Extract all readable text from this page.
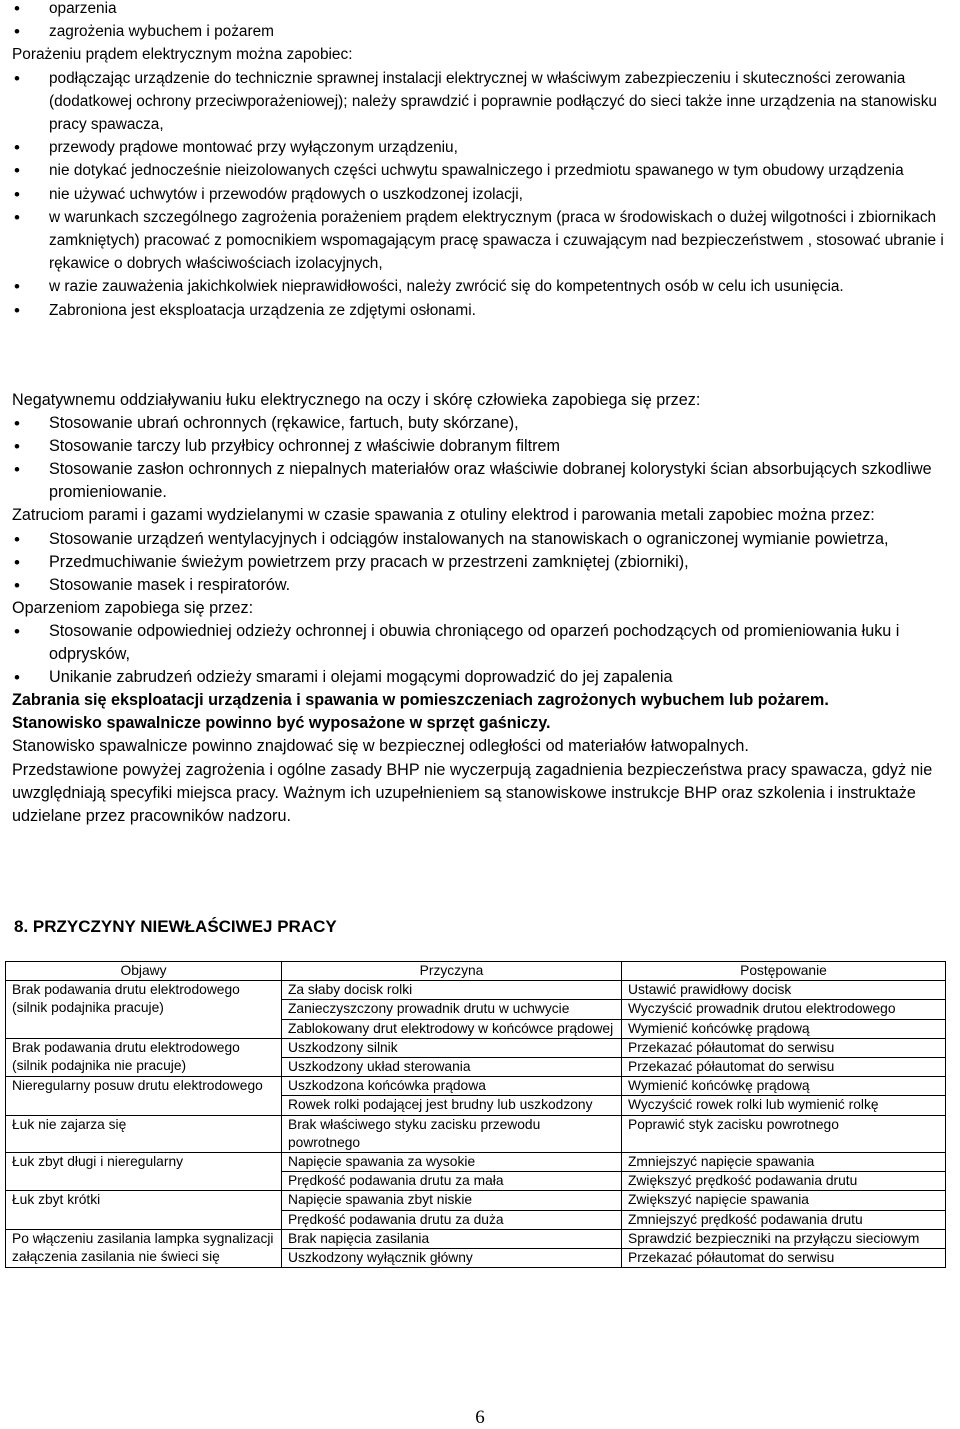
• oparzenia
• zagrożenia wybuchem i pożarem

Porażeniu prądem elektrycznym można zapobiec:

• podłączając urządzenie do technicznie sprawnej instalacji elektrycznej w właściwym zabezpieczeniu i skuteczności zerowania (dodatkowej ochrony przeciwporażeniowej); należy sprawdzić i poprawnie podłączyć do sieci także inne urządzenia na stanowisku pracy spawacza,
• przewody prądowe montować przy wyłączonym urządzeniu,
• nie dotykać jednocześnie nieizolowanych części uchwytu spawalniczego i przedmiotu spawanego w tym obudowy urządzenia
• nie używać uchwytów i przewodów prądowych o uszkodzonej izolacji,
• w warunkach szczególnego zagrożenia porażeniem prądem elektrycznym (praca w środowiskach o dużej wilgotności i zbiornikach zamkniętych) pracować z pomocnikiem wspomagającym pracę spawacza i czuwającym nad bezpieczeństwem , stosować ubranie i rękawice o dobrych właściwościach izolacyjnych,
• w razie zauważenia jakichkolwiek nieprawidłowości, należy zwrócić się do kompetentnych osób w celu ich usunięcia.
• Zabroniona jest eksploatacja urządzenia ze zdjętymi osłonami.

Negatywnemu oddziaływaniu łuku elektrycznego na oczy i skórę człowieka zapobiega się przez:

• Stosowanie ubrań ochronnych (rękawice, fartuch, buty skórzane),
• Stosowanie tarczy lub przyłbicy ochronnej z właściwie dobranym filtrem
• Stosowanie zasłon ochronnych z niepalnych materiałów oraz właściwie dobranej kolorystyki ścian absorbujących szkodliwe promieniowanie.

Zatruciom parami i gazami wydzielanymi w czasie spawania z otuliny elektrod i parowania metali zapobiec można przez:

• Stosowanie urządzeń wentylacyjnych i odciągów instalowanych na stanowiskach o ograniczonej wymianie powietrza,
• Przedmuchiwanie świeżym powietrzem przy pracach w przestrzeni zamkniętej (zbiorniki),
• Stosowanie masek i respiratorów.

Oparzeniom zapobiega się przez:

• Stosowanie odpowiedniej odzieży ochronnej i obuwia chroniącego od oparzeń pochodzących od promieniowania łuku i odprysków,
• Unikanie zabrudzeń odzieży smarami i olejami mogącymi doprowadzić do jej zapalenia

Zabrania się eksploatacji urządzenia i spawania w pomieszczeniach zagrożonych wybuchem lub pożarem.

Stanowisko spawalnicze powinno być wyposażone w sprzęt gaśniczy.

Stanowisko spawalnicze powinno znajdować się w bezpiecznej odległości od materiałów łatwopalnych.

Przedstawione powyżej zagrożenia i ogólne zasady BHP nie wyczerpują zagadnienia bezpieczeństwa pracy spawacza, gdyż nie uwzględniają specyfiki miejsca pracy. Ważnym ich uzupełnieniem są stanowiskowe instrukcje BHP oraz szkolenia i instruktaże udzielane przez pracowników nadzoru.

8. PRZYCZYNY NIEWŁAŚCIWEJ PRACY
Objawy	Przyczyna	Postępowanie
Brak podawania drutu elektrodowego (silnik podajnika pracuje)	Za słaby docisk rolki	Ustawić prawidłowy docisk
	Zanieczyszczony prowadnik drutu w uchwycie	Wyczyścić prowadnik drutou elektrodowego
	Zablokowany drut elektrodowy w końcówce prądowej	Wymienić końcówkę prądową
Brak podawania drutu elektrodowego (silnik podajnika nie pracuje)	Uszkodzony silnik	Przekazać półautomat do serwisu
	Uszkodzony układ sterowania	Przekazać półautomat do serwisu
Nieregularny posuw drutu elektrodowego	Uszkodzona końcówka prądowa	Wymienić końcówkę prądową
	Rowek rolki podającej jest brudny lub uszkodzony	Wyczyścić rowek rolki lub wymienić rolkę
Łuk nie zajarza się	Brak właściwego styku zacisku przewodu powrotnego	Poprawić styk zacisku powrotnego
Łuk zbyt długi i nieregularny	Napięcie spawania za wysokie	Zmniejszyć napięcie spawania
	Prędkość podawania drutu za mała	Zwiększyć prędkość podawania drutu
Łuk zbyt krótki	Napięcie spawania zbyt niskie	Zwiększyć napięcie spawania
	Prędkość podawania drutu za duża	Zmniejszyć prędkość podawania drutu
Po włączeniu zasilania lampka sygnalizacji załączenia zasilania nie świeci się	Brak napięcia zasilania	Sprawdzić bezpieczniki na przyłączu sieciowym
	Uszkodzony wyłącznik główny	Przekazać półautomat do serwisu
6
